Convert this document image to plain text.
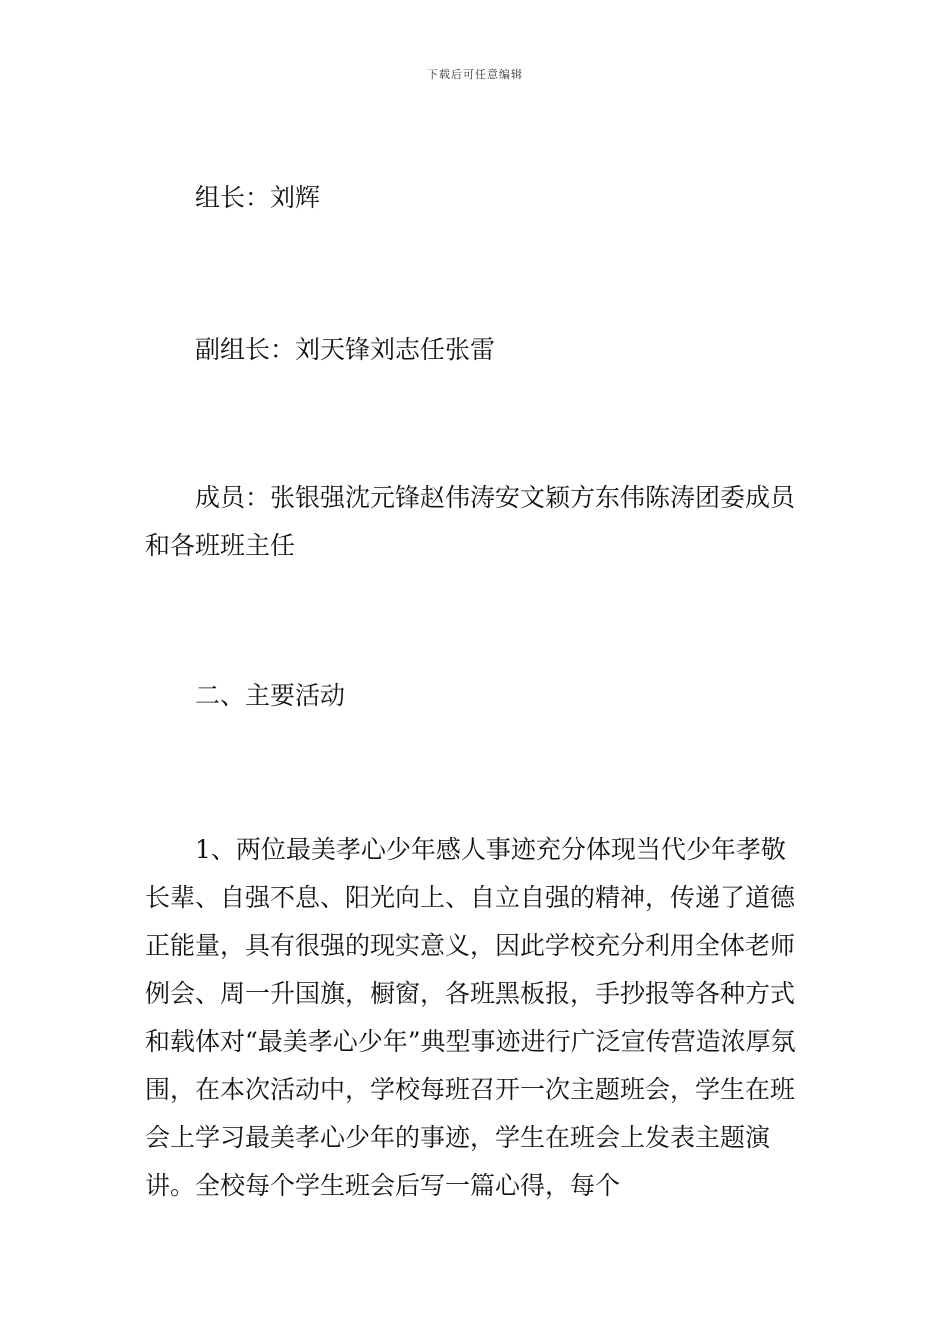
下载后可任意编辑

组长：刘辉

副组长：刘天锋刘志任张雷

成员：张银强沈元锋赵伟涛安文颖方东伟陈涛团委成员和各班班主任

二、主要活动

1、两位最美孝心少年感人事迹充分体现当代少年孝敬长辈、自强不息、阳光向上、自立自强的精神，传递了道德正能量，具有很强的现实意义，因此学校充分利用全体老师例会、周一升国旗，橱窗，各班黑板报，手抄报等各种方式和载体对“最美孝心少年”典型事迹进行广泛宣传营造浓厚氛围，在本次活动中，学校每班召开一次主题班会，学生在班会上学习最美孝心少年的事迹，学生在班会上发表主题演讲。全校每个学生班会后写一篇心得，每个
